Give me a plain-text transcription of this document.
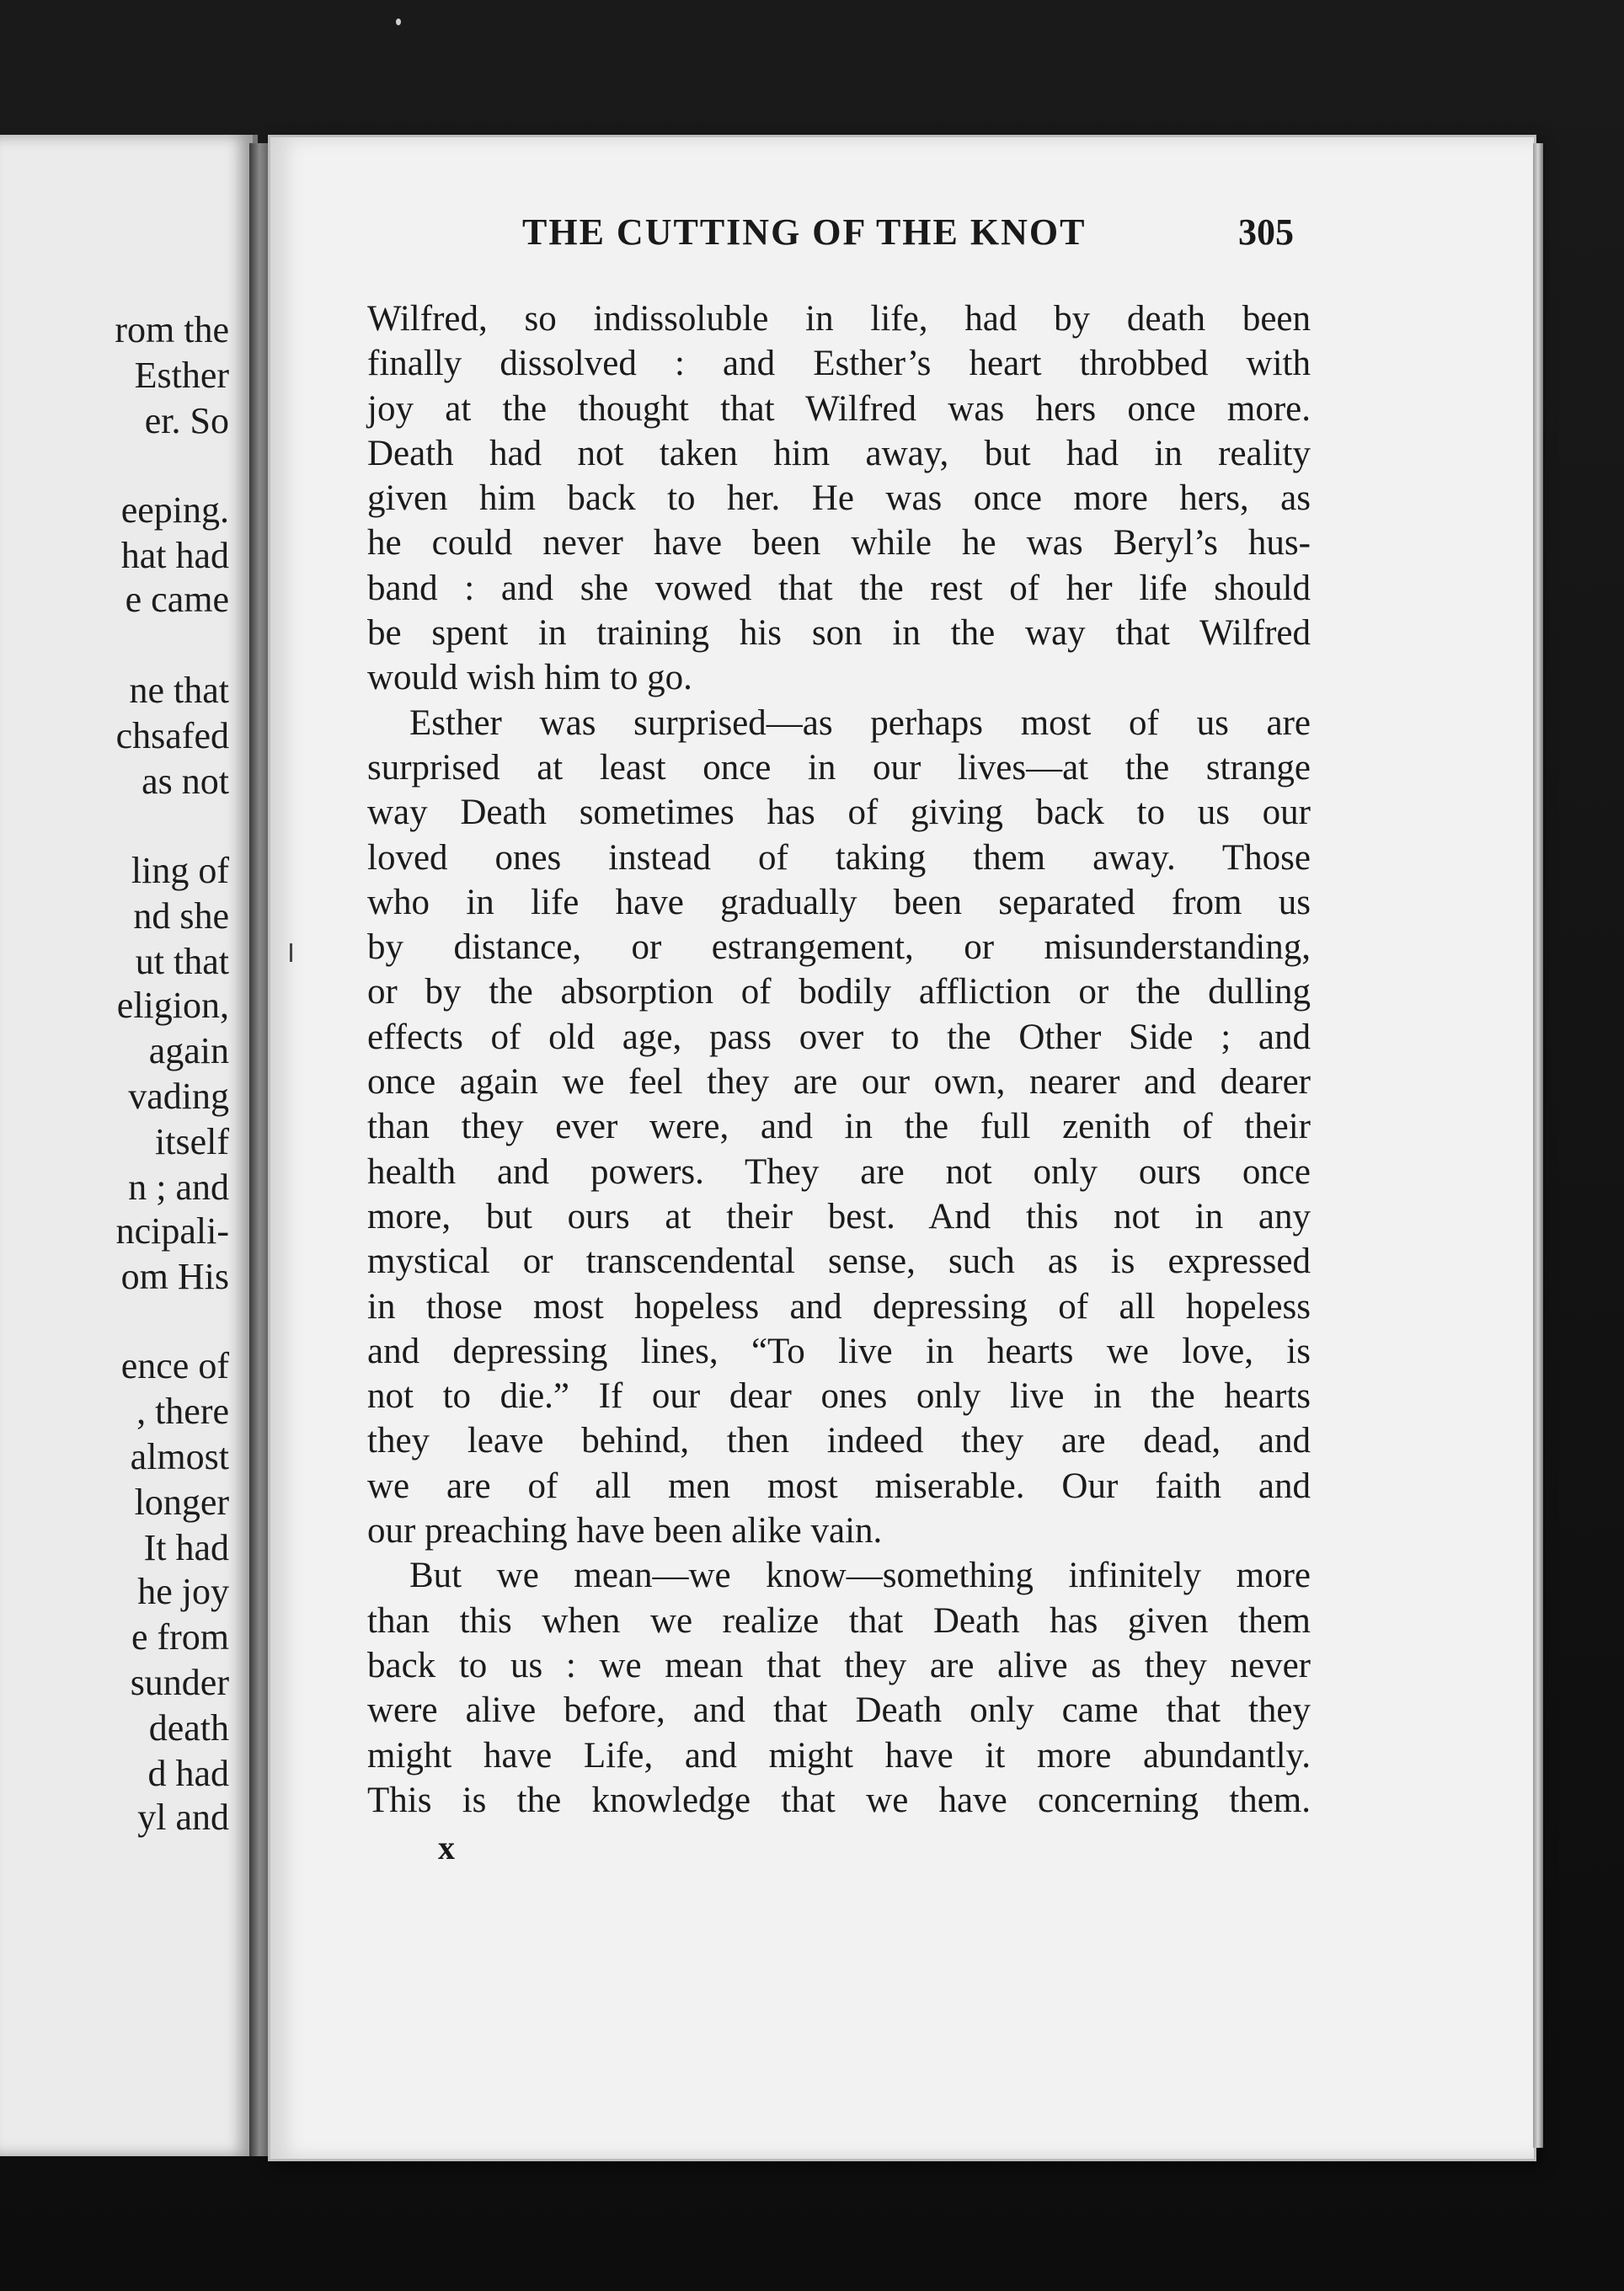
rom the
Esther
er. So
eeping.
hat had
e came
ne that
chsafed
as not
ling of
nd she
ut that
eligion,
again
vading
itself
n ; and
ncipali-
om His
ence of
, there
almost
longer
It had
he joy
e from
sunder
death
d had
yl and
THE CUTTING OF THE KNOT	305
Wilfred, so indissoluble in life, had by death been
finally dissolved : and Esther’s heart throbbed with
joy at the thought that Wilfred was hers once more.
Death had not taken him away, but had in reality
given him back to her. He was once more hers, as
he could never have been while he was Beryl’s hus-
band : and she vowed that the rest of her life should
be spent in training his son in the way that Wilfred
would wish him to go.
Esther was surprised—as perhaps most of us are
surprised at least once in our lives—at the strange
way Death sometimes has of giving back to us our
loved ones instead of taking them away. Those
who in life have gradually been separated from us
by distance, or estrangement, or misunderstanding,
or by the absorption of bodily affliction or the dulling
effects of old age, pass over to the Other Side ; and
once again we feel they are our own, nearer and dearer
than they ever were, and in the full zenith of their
health and powers. They are not only ours once
more, but ours at their best. And this not in any
mystical or transcendental sense, such as is expressed
in those most hopeless and depressing of all hopeless
and depressing lines, “To live in hearts we love, is
not to die.” If our dear ones only live in the hearts
they leave behind, then indeed they are dead, and
we are of all men most miserable. Our faith and
our preaching have been alike vain.
But we mean—we know—something infinitely more
than this when we realize that Death has given them
back to us : we mean that they are alive as they never
were alive before, and that Death only came that they
might have Life, and might have it more abundantly.
This is the knowledge that we have concerning them.
x
